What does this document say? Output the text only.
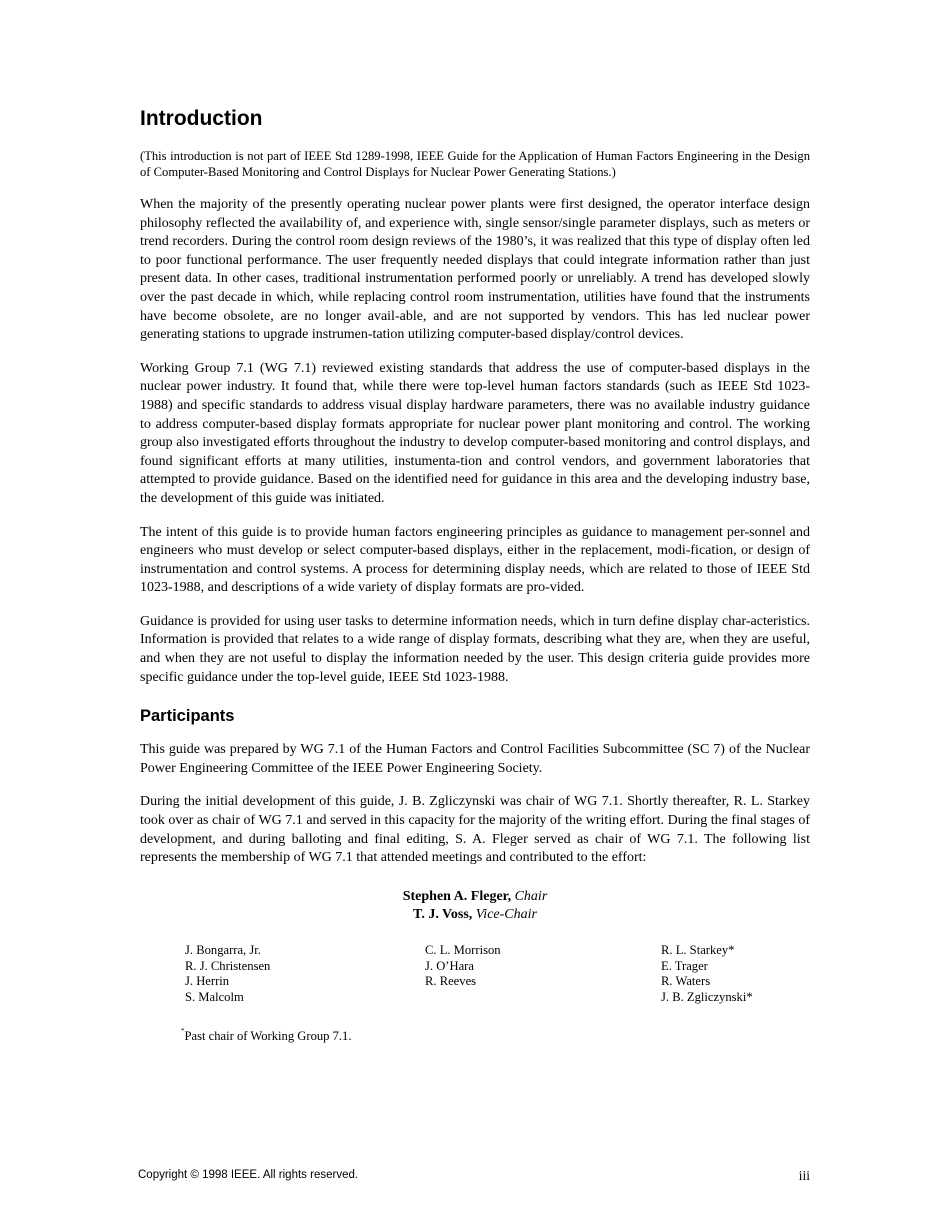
Introduction
(This introduction is not part of IEEE Std 1289-1998, IEEE Guide for the Application of Human Factors Engineering in the Design of Computer-Based Monitoring and Control Displays for Nuclear Power Generating Stations.)

When the majority of the presently operating nuclear power plants were first designed, the operator interface design philosophy reflected the availability of, and experience with, single sensor/single parameter displays, such as meters or trend recorders. During the control room design reviews of the 1980’s, it was realized that this type of display often led to poor functional performance. The user frequently needed displays that could integrate information rather than just present data. In other cases, traditional instrumentation performed poorly or unreliably. A trend has developed slowly over the past decade in which, while replacing control room instrumentation, utilities have found that the instruments have become obsolete, are no longer avail-able, and are not supported by vendors. This has led nuclear power generating stations to upgrade instrumen-tation utilizing computer-based display/control devices.

Working Group 7.1 (WG 7.1) reviewed existing standards that address the use of computer-based displays in the nuclear power industry. It found that, while there were top-level human factors standards (such as IEEE Std 1023-1988) and specific standards to address visual display hardware parameters, there was no available industry guidance to address computer-based display formats appropriate for nuclear power plant monitoring and control. The working group also investigated efforts throughout the industry to develop computer-based monitoring and control displays, and found significant efforts at many utilities, instumenta-tion and control vendors, and government laboratories that attempted to provide guidance. Based on the identified need for guidance in this area and the developing industry base, the development of this guide was initiated.

The intent of this guide is to provide human factors engineering principles as guidance to management per-sonnel and engineers who must develop or select computer-based displays, either in the replacement, modi-fication, or design of instrumentation and control systems. A process for determining display needs, which are related to those of IEEE Std 1023-1988, and descriptions of a wide variety of display formats are pro-vided.

Guidance is provided for using user tasks to determine information needs, which in turn define display char-acteristics. Information is provided that relates to a wide range of display formats, describing what they are, when they are useful, and when they are not useful to display the information needed by the user. This design criteria guide provides more specific guidance under the top-level guide, IEEE Std 1023-1988.

Participants

This guide was prepared by WG 7.1 of the Human Factors and Control Facilities Subcommittee (SC 7) of the Nuclear Power Engineering Committee of the IEEE Power Engineering Society.

During the initial development of this guide, J. B. Zgliczynski was chair of WG 7.1. Shortly thereafter, R. L. Starkey took over as chair of WG 7.1 and served in this capacity for the majority of the writing effort. During the final stages of development, and during balloting and final editing, S. A. Fleger served as chair of WG 7.1. The following list represents the membership of WG 7.1 that attended meetings and contributed to the effort:

Stephen A. Fleger, Chair
T. J. Voss, Vice-Chair
J. Bongarra, Jr.
R. J. Christensen
J. Herrin
S. Malcolm
C. L. Morrison
J. O’Hara
R. Reeves
R. L. Starkey*
E. Trager
R. Waters
J. B. Zgliczynski*
*Past chair of Working Group 7.1.
Copyright © 1998 IEEE. All rights reserved.	iii
